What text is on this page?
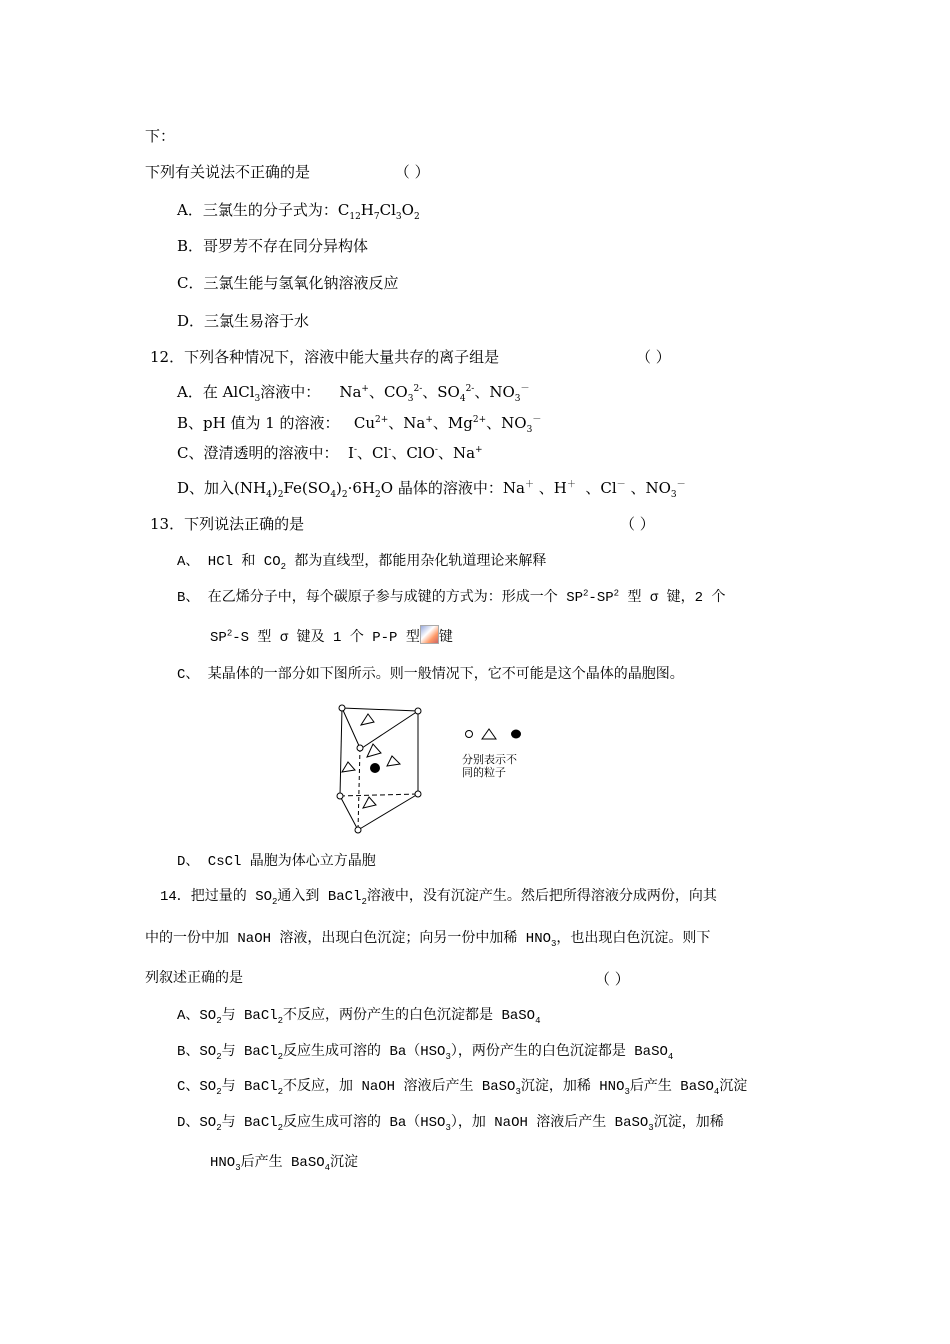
下：
下列有关说法不正确的是	（ ）
A．三氯生的分子式为：$C_{12}H_7Cl_3O_2$
B．哥罗芳不存在同分异构体
C．三氯生能与氢氧化钠溶液反应
D．三氯生易溶于水
12．下列各种情况下，溶液中能大量共存的离子组是	（ ）
A．在 AlCl$_3$溶液中：    Na+、$CO_3^{2-}$、$SO_4^{2-}$、$NO_3^-$
B、pH 值为 1 的溶液：   $Cu^{2+}$、Na+、$Mg^{2+}$、$NO_3^-$
C、澄清透明的溶液中：  I-、Cl-、ClO-、Na+
D、加入$(NH_4)_2Fe(SO_4)_2\cdot 6H_2O$ 晶体的溶液中：Na＋ 、H＋ 、Cl－ 、$NO_3^-$
13．下列说法正确的是	（ ）
A、 HCl 和 $CO_2$ 都为直线型，都能用杂化轨道理论来解释
B、 在乙烯分子中，每个碳原子参与成键的方式为：形成一个 $SP^2-SP^2$ 型 σ 键，2 个
$SP^2-S$ 型 σ 键及 1 个 P-P 型 键
C、 某晶体的一部分如下图所示。则一般情况下，它不可能是这个晶体的晶胞图。
分别表示不
同的粒子
D、 CsCl 晶胞为体心立方晶胞
14．把过量的 $SO_2$通入到 BaCl$_2$溶液中，没有沉淀产生。然后把所得溶液分成两份，向其
中的一份中加 NaOH 溶液，出现白色沉淀；向另一份中加稀 $HNO_3$，也出现白色沉淀。则下
列叙述正确的是	（ ）
A、$SO_2$与 BaCl$_2$不反应，两份产生的白色沉淀都是 BaSO$_4$
B、$SO_2$与 BaCl$_2$反应生成可溶的 $Ba(HSO_3)$，两份产生的白色沉淀都是 BaSO$_4$
C、$SO_2$与 BaCl$_2$不反应，加 NaOH 溶液后产生 BaSO$_3$沉淀，加稀 $HNO_3$后产生 BaSO$_4$沉淀
D、$SO_2$与 BaCl$_2$反应生成可溶的 $Ba(HSO_3)$，加 NaOH 溶液后产生 BaSO$_3$沉淀，加稀
$HNO_3$后产生 BaSO$_4$沉淀
